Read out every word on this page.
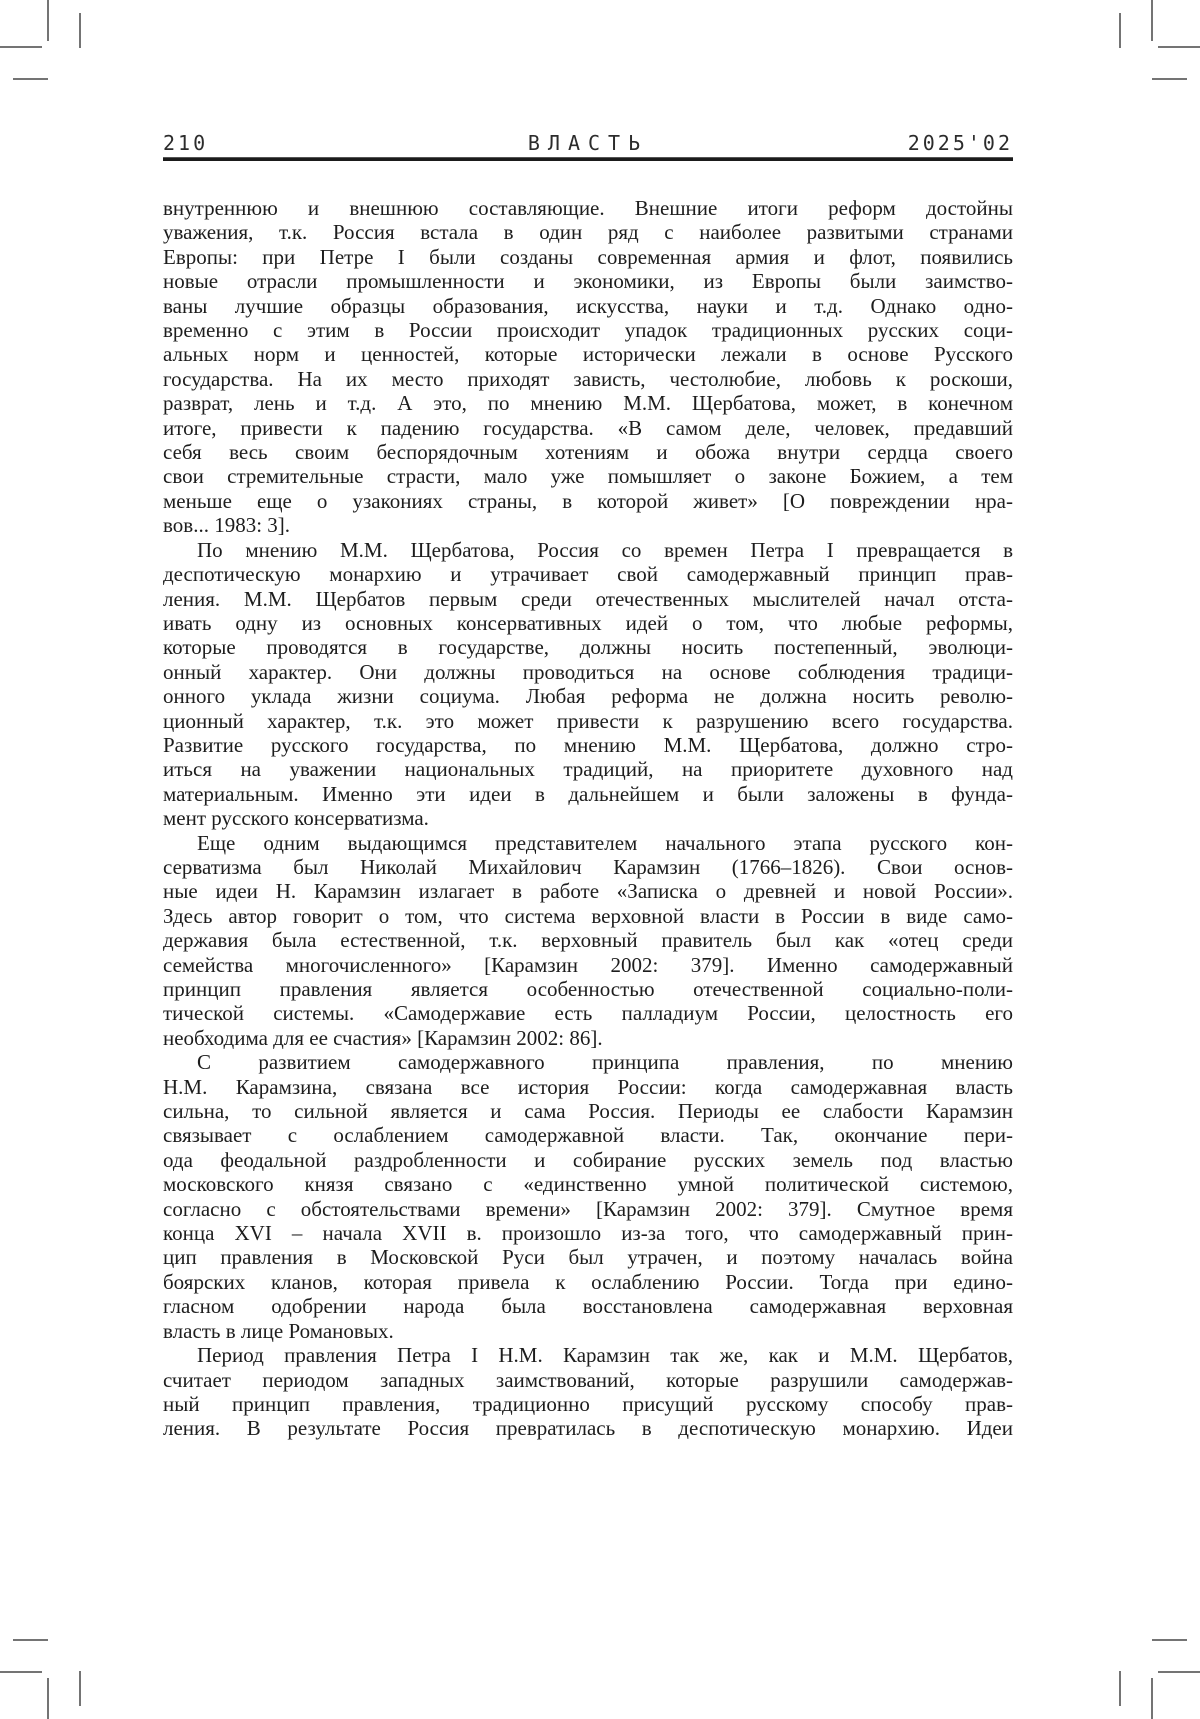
210	ВЛАСТЬ	2025'02
внутреннюю и внешнюю составляющие. Внешние итоги реформ достойны
уважения, т.к. Россия встала в один ряд с наиболее развитыми странами
Европы: при Петре I были созданы современная армия и флот, появились
новые отрасли промышленности и экономики, из Европы были заимство-
ваны лучшие образцы образования, искусства, науки и т.д. Однако одно-
временно с этим в России происходит упадок традиционных русских соци-
альных норм и ценностей, которые исторически лежали в основе Русского
государства. На их место приходят зависть, честолюбие, любовь к роскоши,
разврат, лень и т.д. А это, по мнению М.М. Щербатова, может, в конечном
итоге, привести к падению государства. «В самом деле, человек, предавший
себя весь своим беспорядочным хотениям и обожа внутри сердца своего
свои стремительные страсти, мало уже помышляет о законе Божием, а тем
меньше еще о узакониях страны, в которой живет» [О повреждении нра-
вов... 1983: 3].
По мнению М.М. Щербатова, Россия со времен Петра I превращается в
деспотическую монархию и утрачивает свой самодержавный принцип прав-
ления. М.М. Щербатов первым среди отечественных мыслителей начал отста-
ивать одну из основных консервативных идей о том, что любые реформы,
которые проводятся в государстве, должны носить постепенный, эволюци-
онный характер. Они должны проводиться на основе соблюдения традици-
онного уклада жизни социума. Любая реформа не должна носить револю-
ционный характер, т.к. это может привести к разрушению всего государства.
Развитие русского государства, по мнению М.М. Щербатова, должно стро-
иться на уважении национальных традиций, на приоритете духовного над
материальным. Именно эти идеи в дальнейшем и были заложены в фунда-
мент русского консерватизма.
Еще одним выдающимся представителем начального этапа русского кон-
серватизма был Николай Михайлович Карамзин (1766–1826). Свои основ-
ные идеи Н. Карамзин излагает в работе «Записка о древней и новой России».
Здесь автор говорит о том, что система верховной власти в России в виде само-
державия была естественной, т.к. верховный правитель был как «отец среди
семейства многочисленного» [Карамзин 2002: 379]. Именно самодержавный
принцип правления является особенностью отечественной социально-поли-
тической системы. «Самодержавие есть палладиум России, целостность его
необходима для ее счастия» [Карамзин 2002: 86].
С развитием самодержавного принципа правления, по мнению
Н.М. Карамзина, связана все история России: когда самодержавная власть
сильна, то сильной является и сама Россия. Периоды ее слабости Карамзин
связывает с ослаблением самодержавной власти. Так, окончание пери-
ода феодальной раздробленности и собирание русских земель под властью
московского князя связано с «единственно умной политической системою,
согласно с обстоятельствами времени» [Карамзин 2002: 379]. Смутное время
конца XVI – начала XVII в. произошло из-за того, что самодержавный прин-
цип правления в Московской Руси был утрачен, и поэтому началась война
боярских кланов, которая привела к ослаблению России. Тогда при едино-
гласном одобрении народа была восстановлена самодержавная верховная
власть в лице Романовых.
Период правления Петра I Н.М. Карамзин так же, как и М.М. Щербатов,
считает периодом западных заимствований, которые разрушили самодержав-
ный принцип правления, традиционно присущий русскому способу прав-
ления. В результате Россия превратилась в деспотическую монархию. Идеи
